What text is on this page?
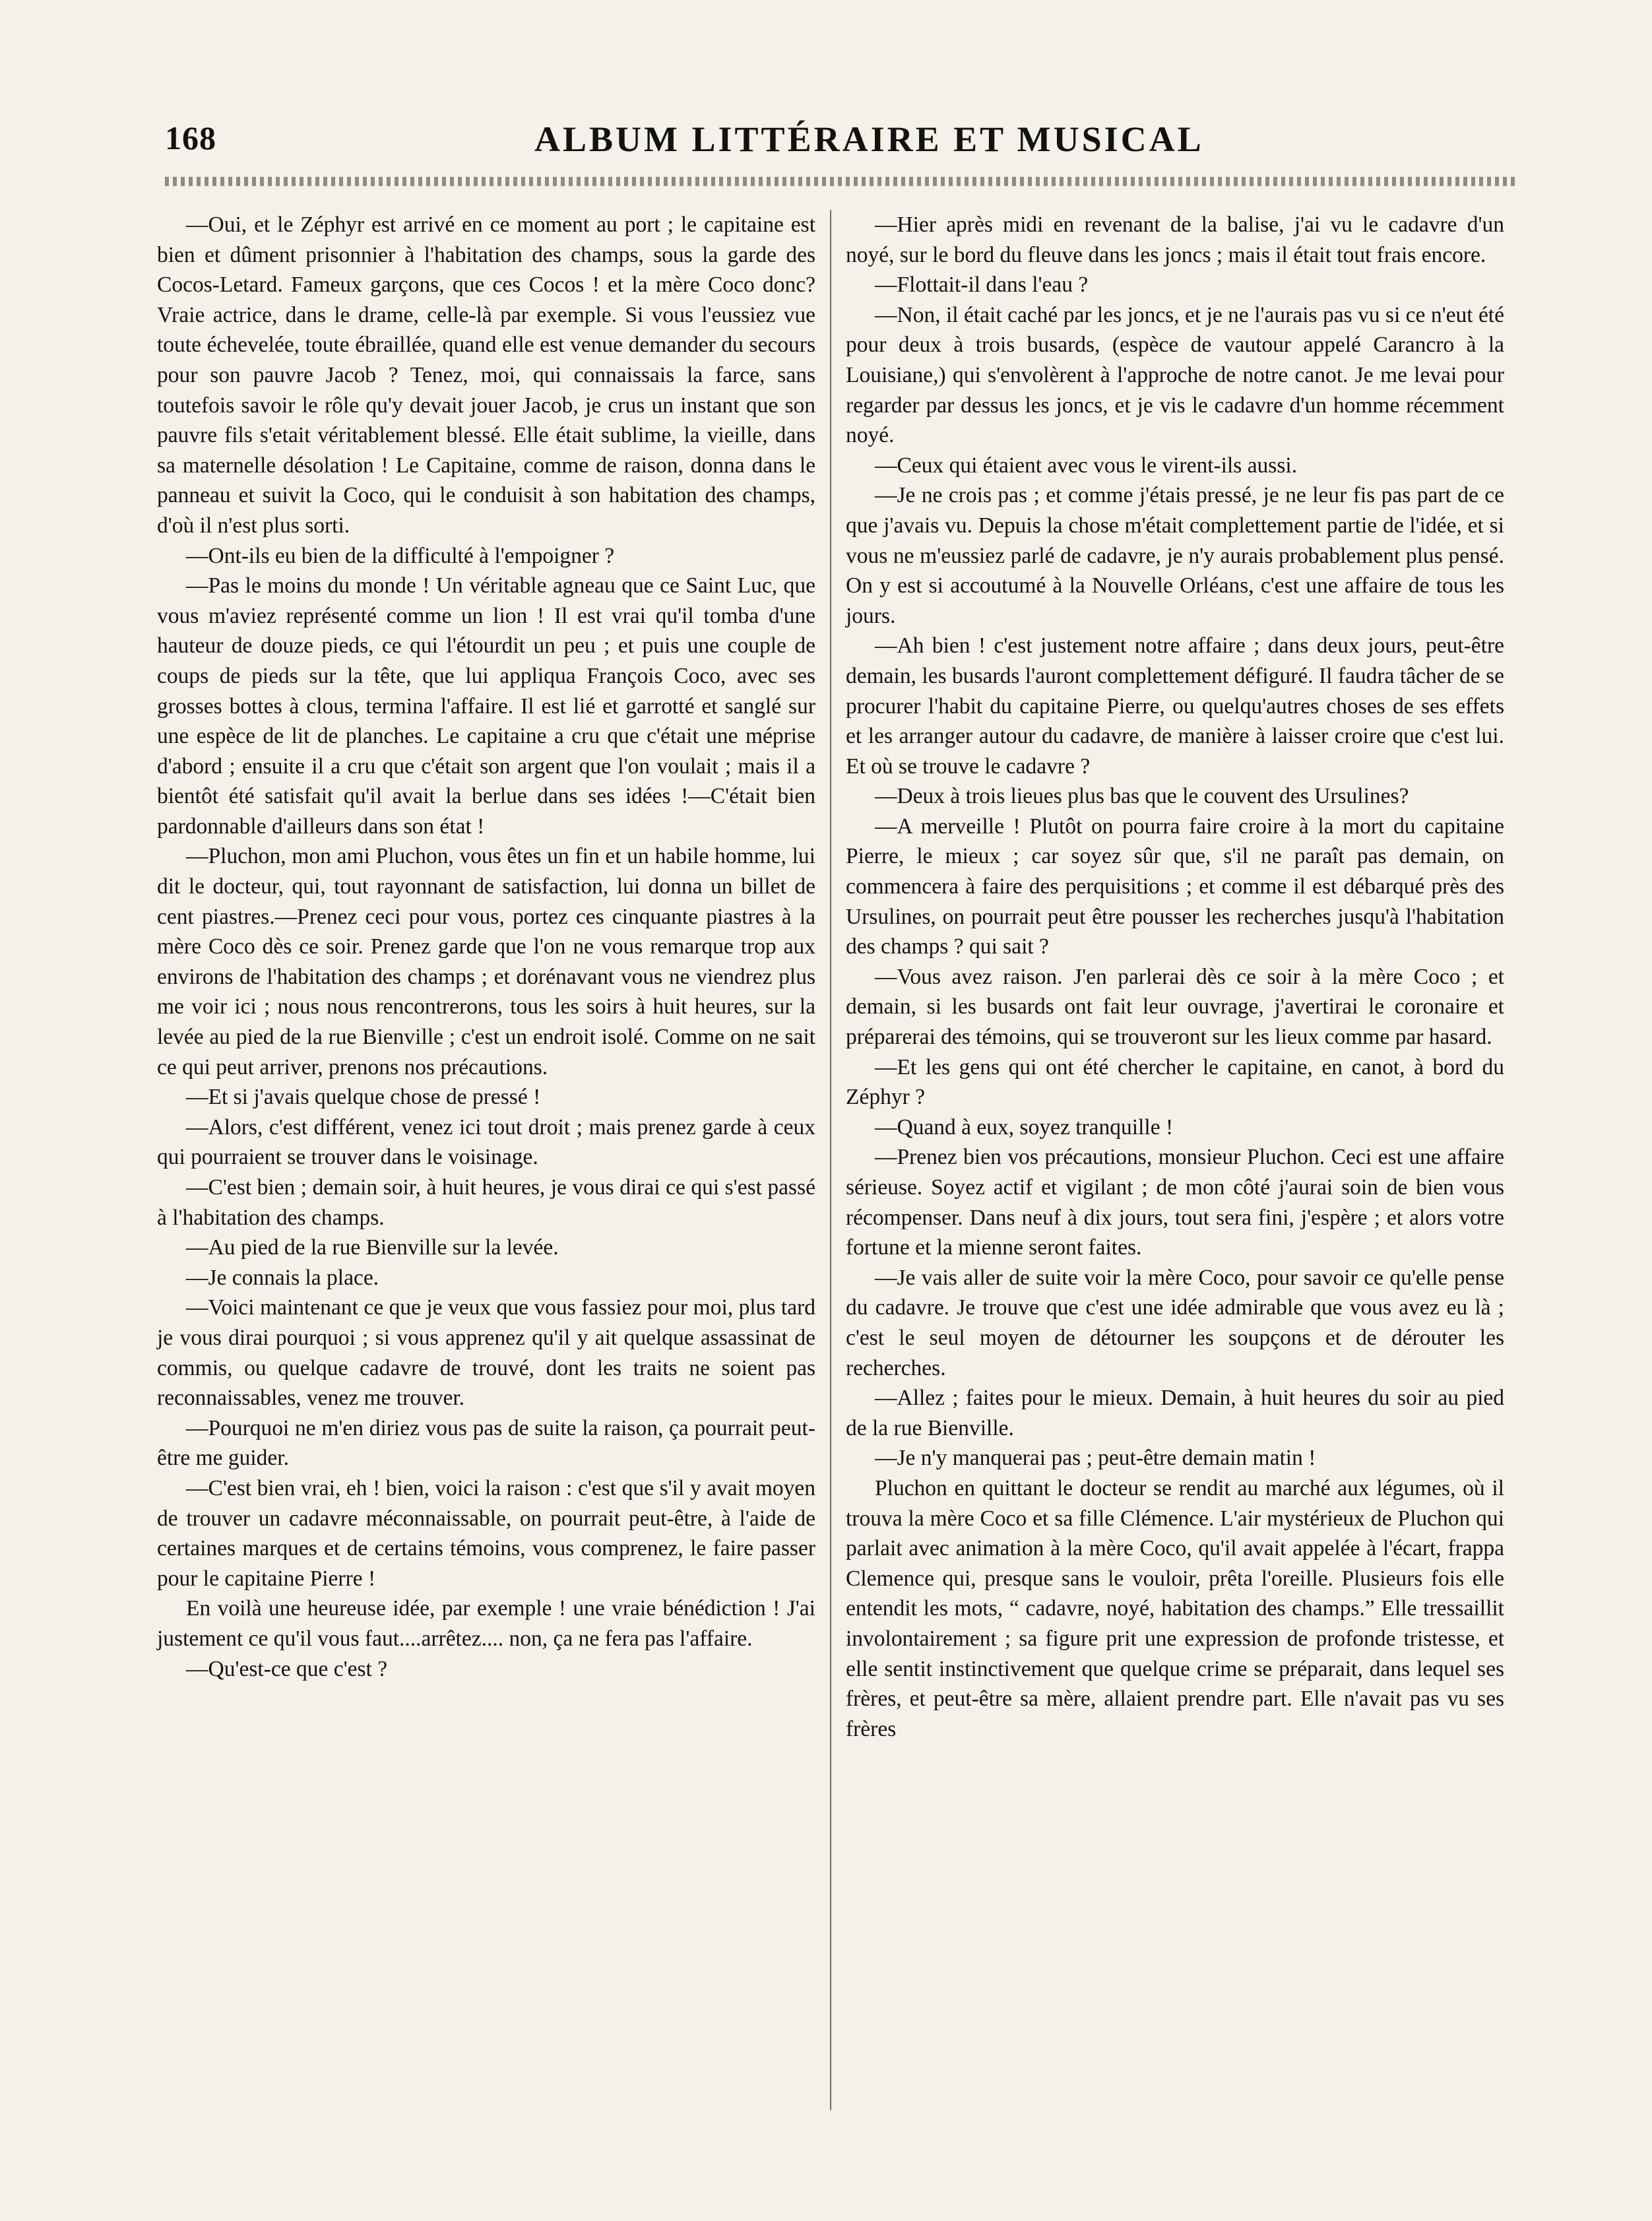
168	ALBUM LITTÉRAIRE ET MUSICAL

—Oui, et le Zéphyr est arrivé en ce moment au port ; le capitaine est bien et dûment prisonnier à l'habitation des champs, sous la garde des Cocos-Letard. Fameux garçons, que ces Cocos ! et la mère Coco donc? Vraie actrice, dans le drame, celle-là par exemple. Si vous l'eussiez vue toute échevelée, toute ébraillée, quand elle est venue demander du secours pour son pauvre Jacob ? Tenez, moi, qui connaissais la farce, sans toutefois savoir le rôle qu'y devait jouer Jacob, je crus un instant que son pauvre fils s'etait véritablement blessé. Elle était sublime, la vieille, dans sa maternelle désolation ! Le Capitaine, comme de raison, donna dans le panneau et suivit la Coco, qui le conduisit à son habitation des champs, d'où il n'est plus sorti.

—Ont-ils eu bien de la difficulté à l'empoigner ?

—Pas le moins du monde ! Un véritable agneau que ce Saint Luc, que vous m'aviez représenté comme un lion ! Il est vrai qu'il tomba d'une hauteur de douze pieds, ce qui l'étourdit un peu ; et puis une couple de coups de pieds sur la tête, que lui appliqua François Coco, avec ses grosses bottes à clous, termina l'affaire. Il est lié et garrotté et sanglé sur une espèce de lit de planches. Le capitaine a cru que c'était une méprise d'abord ; ensuite il a cru que c'était son argent que l'on voulait ; mais il a bientôt été satisfait qu'il avait la berlue dans ses idées !—C'était bien pardonnable d'ailleurs dans son état !

—Pluchon, mon ami Pluchon, vous êtes un fin et un habile homme, lui dit le docteur, qui, tout rayonnant de satisfaction, lui donna un billet de cent piastres.—Prenez ceci pour vous, portez ces cinquante piastres à la mère Coco dès ce soir. Prenez garde que l'on ne vous remarque trop aux environs de l'habitation des champs ; et dorénavant vous ne viendrez plus me voir ici ; nous nous rencontrerons, tous les soirs à huit heures, sur la levée au pied de la rue Bienville ; c'est un endroit isolé. Comme on ne sait ce qui peut arriver, prenons nos précautions.

—Et si j'avais quelque chose de pressé !

—Alors, c'est différent, venez ici tout droit ; mais prenez garde à ceux qui pourraient se trouver dans le voisinage.

—C'est bien ; demain soir, à huit heures, je vous dirai ce qui s'est passé à l'habitation des champs.

—Au pied de la rue Bienville sur la levée.

—Je connais la place.

—Voici maintenant ce que je veux que vous fassiez pour moi, plus tard je vous dirai pourquoi ; si vous apprenez qu'il y ait quelque assassinat de commis, ou quelque cadavre de trouvé, dont les traits ne soient pas reconnaissables, venez me trouver.

—Pourquoi ne m'en diriez vous pas de suite la raison, ça pourrait peut-être me guider.

—C'est bien vrai, eh ! bien, voici la raison : c'est que s'il y avait moyen de trouver un cadavre méconnaissable, on pourrait peut-être, à l'aide de certaines marques et de certains témoins, vous comprenez, le faire passer pour le capitaine Pierre !

En voilà une heureuse idée, par exemple ! une vraie bénédiction ! J'ai justement ce qu'il vous faut....arrêtez.... non, ça ne fera pas l'affaire.

—Qu'est-ce que c'est ?

—Hier après midi en revenant de la balise, j'ai vu le cadavre d'un noyé, sur le bord du fleuve dans les joncs ; mais il était tout frais encore.

—Flottait-il dans l'eau ?

—Non, il était caché par les joncs, et je ne l'aurais pas vu si ce n'eut été pour deux à trois busards, (espèce de vautour appelé Carancro à la Louisiane,) qui s'envolèrent à l'approche de notre canot. Je me levai pour regarder par dessus les joncs, et je vis le cadavre d'un homme récemment noyé.

—Ceux qui étaient avec vous le virent-ils aussi.

—Je ne crois pas ; et comme j'étais pressé, je ne leur fis pas part de ce que j'avais vu. Depuis la chose m'était complettement partie de l'idée, et si vous ne m'eussiez parlé de cadavre, je n'y aurais probablement plus pensé. On y est si accoutumé à la Nouvelle Orléans, c'est une affaire de tous les jours.

—Ah bien ! c'est justement notre affaire ; dans deux jours, peut-être demain, les busards l'auront complettement défiguré. Il faudra tâcher de se procurer l'habit du capitaine Pierre, ou quelqu'autres choses de ses effets et les arranger autour du cadavre, de manière à laisser croire que c'est lui. Et où se trouve le cadavre ?

—Deux à trois lieues plus bas que le couvent des Ursulines?

—A merveille ! Plutôt on pourra faire croire à la mort du capitaine Pierre, le mieux ; car soyez sûr que, s'il ne paraît pas demain, on commencera à faire des perquisitions ; et comme il est débarqué près des Ursulines, on pourrait peut être pousser les recherches jusqu'à l'habitation des champs ? qui sait ?

—Vous avez raison. J'en parlerai dès ce soir à la mère Coco ; et demain, si les busards ont fait leur ouvrage, j'avertirai le coronaire et préparerai des témoins, qui se trouveront sur les lieux comme par hasard.

—Et les gens qui ont été chercher le capitaine, en canot, à bord du Zéphyr ?

—Quand à eux, soyez tranquille !

—Prenez bien vos précautions, monsieur Pluchon. Ceci est une affaire sérieuse. Soyez actif et vigilant ; de mon côté j'aurai soin de bien vous récompenser. Dans neuf à dix jours, tout sera fini, j'espère ; et alors votre fortune et la mienne seront faites.

—Je vais aller de suite voir la mère Coco, pour savoir ce qu'elle pense du cadavre. Je trouve que c'est une idée admirable que vous avez eu là ; c'est le seul moyen de détourner les soupçons et de dérouter les recherches.

—Allez ; faites pour le mieux. Demain, à huit heures du soir au pied de la rue Bienville.

—Je n'y manquerai pas ; peut-être demain matin !

Pluchon en quittant le docteur se rendit au marché aux légumes, où il trouva la mère Coco et sa fille Clémence. L'air mystérieux de Pluchon qui parlait avec animation à la mère Coco, qu'il avait appelée à l'écart, frappa Clemence qui, presque sans le vouloir, prêta l'oreille. Plusieurs fois elle entendit les mots, “ cadavre, noyé, habitation des champs.” Elle tressaillit involontairement ; sa figure prit une expression de profonde tristesse, et elle sentit instinctivement que quelque crime se préparait, dans lequel ses frères, et peut-être sa mère, allaient prendre part. Elle n'avait pas vu ses frères
